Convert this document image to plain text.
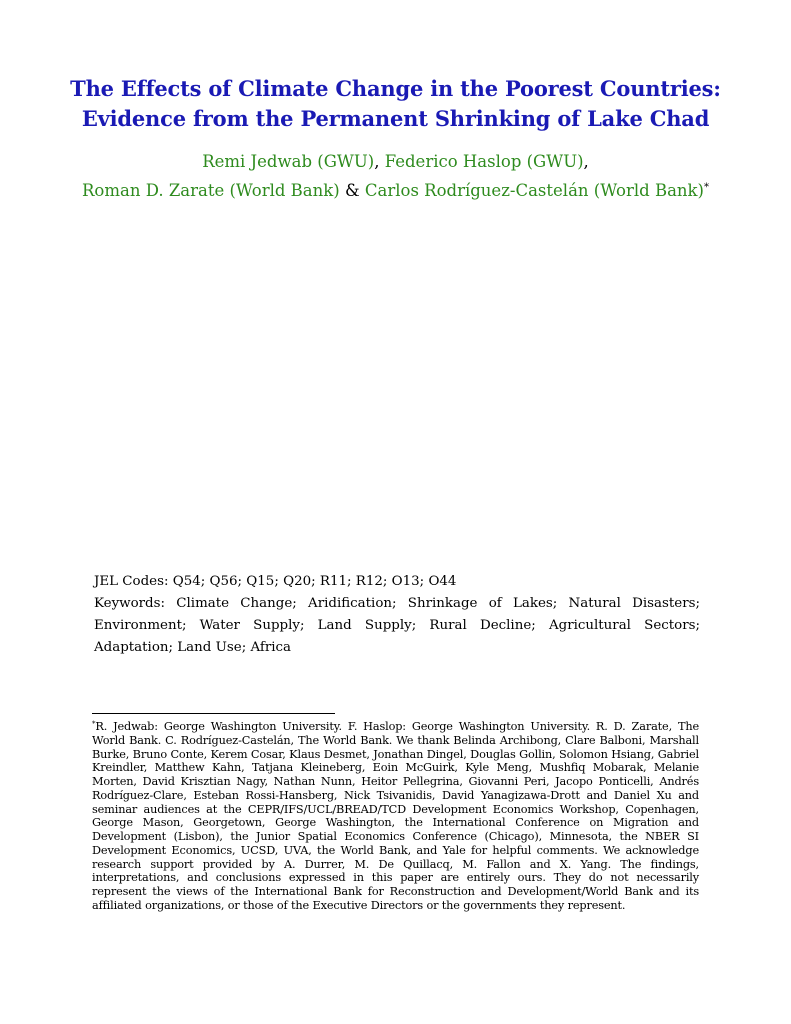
The Effects of Climate Change in the Poorest Countries:
Evidence from the Permanent Shrinking of Lake Chad
Remi Jedwab (GWU), Federico Haslop (GWU),
Roman D. Zarate (World Bank) & Carlos Rodríguez-Castelán (World Bank)*
JEL Codes: Q54; Q56; Q15; Q20; R11; R12; O13; O44
Keywords: Climate Change; Aridification; Shrinkage of Lakes; Natural Disasters; Environment; Water Supply; Land Supply; Rural Decline; Agricultural Sectors; Adaptation; Land Use; Africa
*R. Jedwab: George Washington University. F. Haslop: George Washington University. R. D. Zarate, The World Bank. C. Rodríguez-Castelán, The World Bank. We thank Belinda Archibong, Clare Balboni, Marshall Burke, Bruno Conte, Kerem Cosar, Klaus Desmet, Jonathan Dingel, Douglas Gollin, Solomon Hsiang, Gabriel Kreindler, Matthew Kahn, Tatjana Kleineberg, Eoin McGuirk, Kyle Meng, Mushfiq Mobarak, Melanie Morten, David Krisztian Nagy, Nathan Nunn, Heitor Pellegrina, Giovanni Peri, Jacopo Ponticelli, Andrés Rodríguez-Clare, Esteban Rossi-Hansberg, Nick Tsivanidis, David Yanagizawa-Drott and Daniel Xu and seminar audiences at the CEPR/IFS/UCL/BREAD/TCD Development Economics Workshop, Copenhagen, George Mason, Georgetown, George Washington, the International Conference on Migration and Development (Lisbon), the Junior Spatial Economics Conference (Chicago), Minnesota, the NBER SI Development Economics, UCSD, UVA, the World Bank, and Yale for helpful comments. We acknowledge research support provided by A. Durrer, M. De Quillacq, M. Fallon and X. Yang. The findings, interpretations, and conclusions expressed in this paper are entirely ours. They do not necessarily represent the views of the International Bank for Reconstruction and Development/World Bank and its affiliated organizations, or those of the Executive Directors or the governments they represent.
